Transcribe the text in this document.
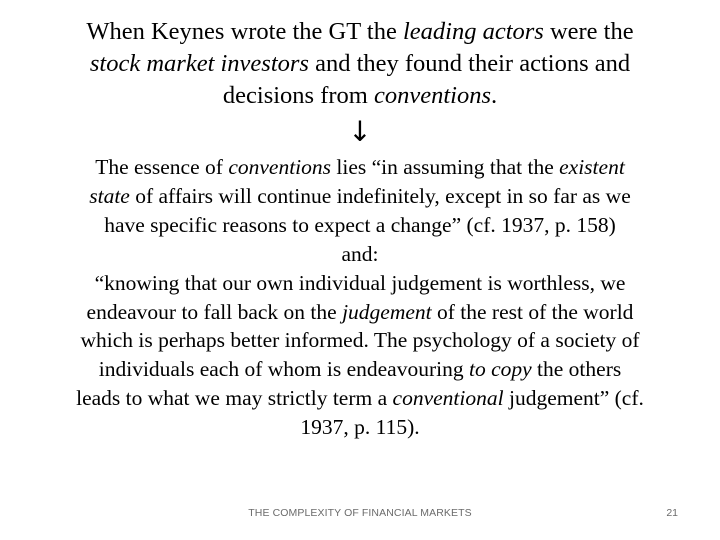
When Keynes wrote the GT the leading actors were the
stock market investors and they found their actions and
decisions from conventions.
↓
The essence of conventions lies “in assuming that the existent
state of affairs will continue indefinitely, except in so far as we
have specific reasons to expect a change” (cf. 1937, p. 158)
and:
“knowing that our own individual judgement is worthless, we
endeavour to fall back on the judgement of the rest of the world
which is perhaps better informed. The psychology of a society of
individuals each of whom is endeavouring to copy the others
leads to what we may strictly term a conventional judgement” (cf.
1937, p. 115).
THE COMPLEXITY OF FINANCIAL MARKETS	21
